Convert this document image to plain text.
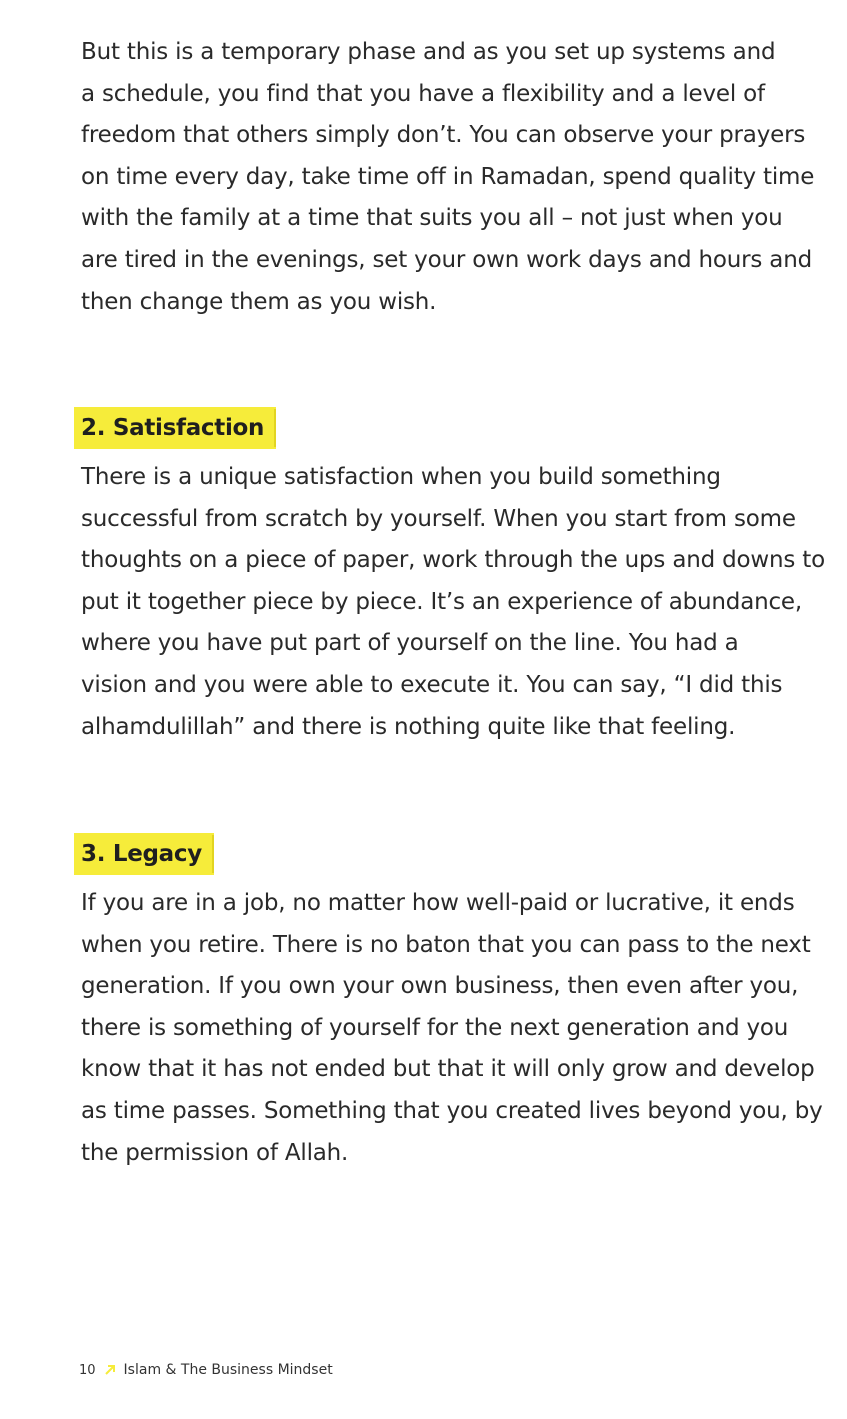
But this is a temporary phase and as you set up systems and
a schedule, you find that you have a flexibility and a level of
freedom that others simply don’t. You can observe your prayers
on time every day, take time off in Ramadan, spend quality time
with the family at a time that suits you all – not just when you
are tired in the evenings, set your own work days and hours and
then change them as you wish.

2. Satisfaction

There is a unique satisfaction when you build something
successful from scratch by yourself. When you start from some
thoughts on a piece of paper, work through the ups and downs to
put it together piece by piece. It’s an experience of abundance,
where you have put part of yourself on the line. You had a
vision and you were able to execute it. You can say, “I did this
alhamdulillah” and there is nothing quite like that feeling.

3. Legacy

If you are in a job, no matter how well-paid or lucrative, it ends
when you retire. There is no baton that you can pass to the next
generation. If you own your own business, then even after you,
there is something of yourself for the next generation and you
know that it has not ended but that it will only grow and develop
as time passes. Something that you created lives beyond you, by
the permission of Allah.

10 Islam & The Business Mindset
